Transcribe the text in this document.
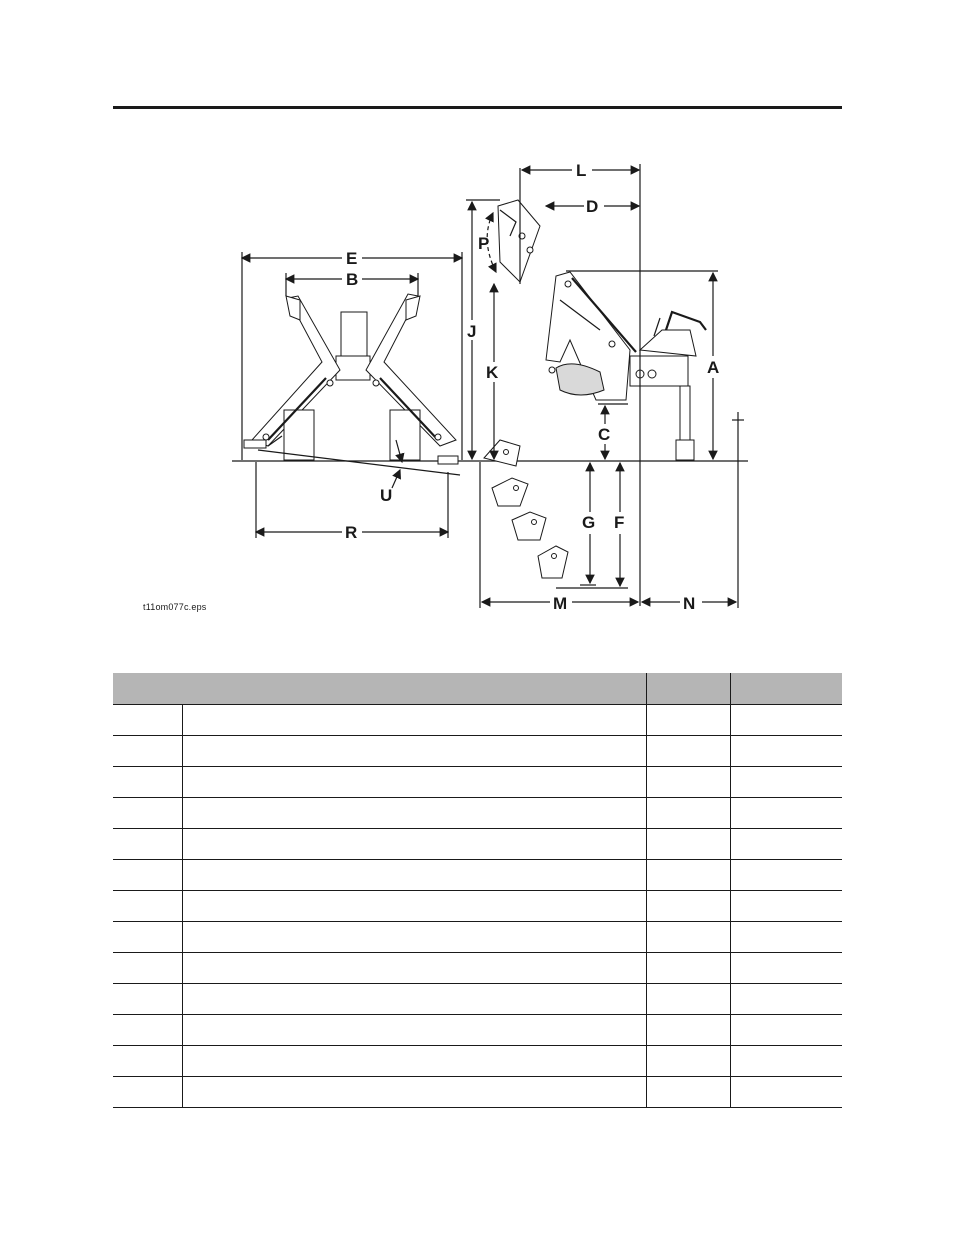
E
B
R
U
L
D
J
K
P
A
C
G F
M	N
t11om077c.eps
